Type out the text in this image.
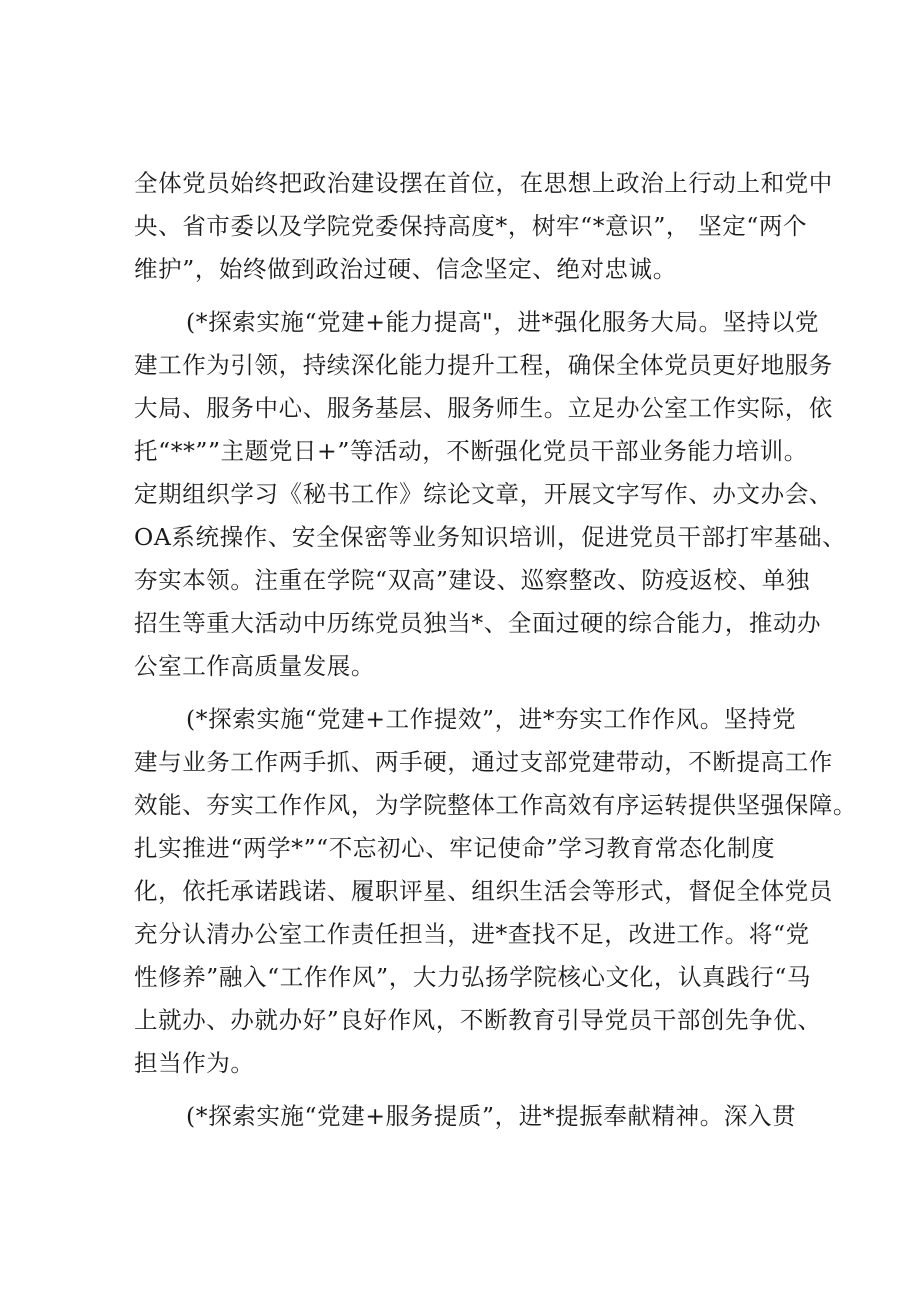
全体党员始终把政治建设摆在首位，在思想上政治上行动上和党中
央、省市委以及学院党委保持高度*，树牢“*意识”， 坚定“两个
维护”，始终做到政治过硬、信念坚定、绝对忠诚。
(*探索实施“党建+能力提高"，进*强化服务大局。坚持以党
建工作为引领，持续深化能力提升工程，确保全体党员更好地服务
大局、服务中心、服务基层、服务师生。立足办公室工作实际，依
托“**””主题党日+”等活动，不断强化党员干部业务能力培训。
定期组织学习《秘书工作》综论文章，开展文字写作、办文办会、
OA系统操作、安全保密等业务知识培训，促进党员干部打牢基础、
夯实本领。注重在学院“双高”建设、巡察整改、防疫返校、单独
招生等重大活动中历练党员独当*、全面过硬的综合能力，推动办
公室工作高质量发展。
(*探索实施“党建+工作提效”，进*夯实工作作风。坚持党
建与业务工作两手抓、两手硬，通过支部党建带动，不断提高工作
效能、夯实工作作风，为学院整体工作高效有序运转提供坚强保障。
扎实推进“两学*”“不忘初心、牢记使命”学习教育常态化制度
化，依托承诺践诺、履职评星、组织生活会等形式，督促全体党员
充分认清办公室工作责任担当，进*查找不足，改进工作。将“党
性修养”融入“工作作风”，大力弘扬学院核心文化，认真践行“马
上就办、办就办好”良好作风，不断教育引导党员干部创先争优、
担当作为。
(*探索实施“党建+服务提质”，进*提振奉献精神。深入贯
